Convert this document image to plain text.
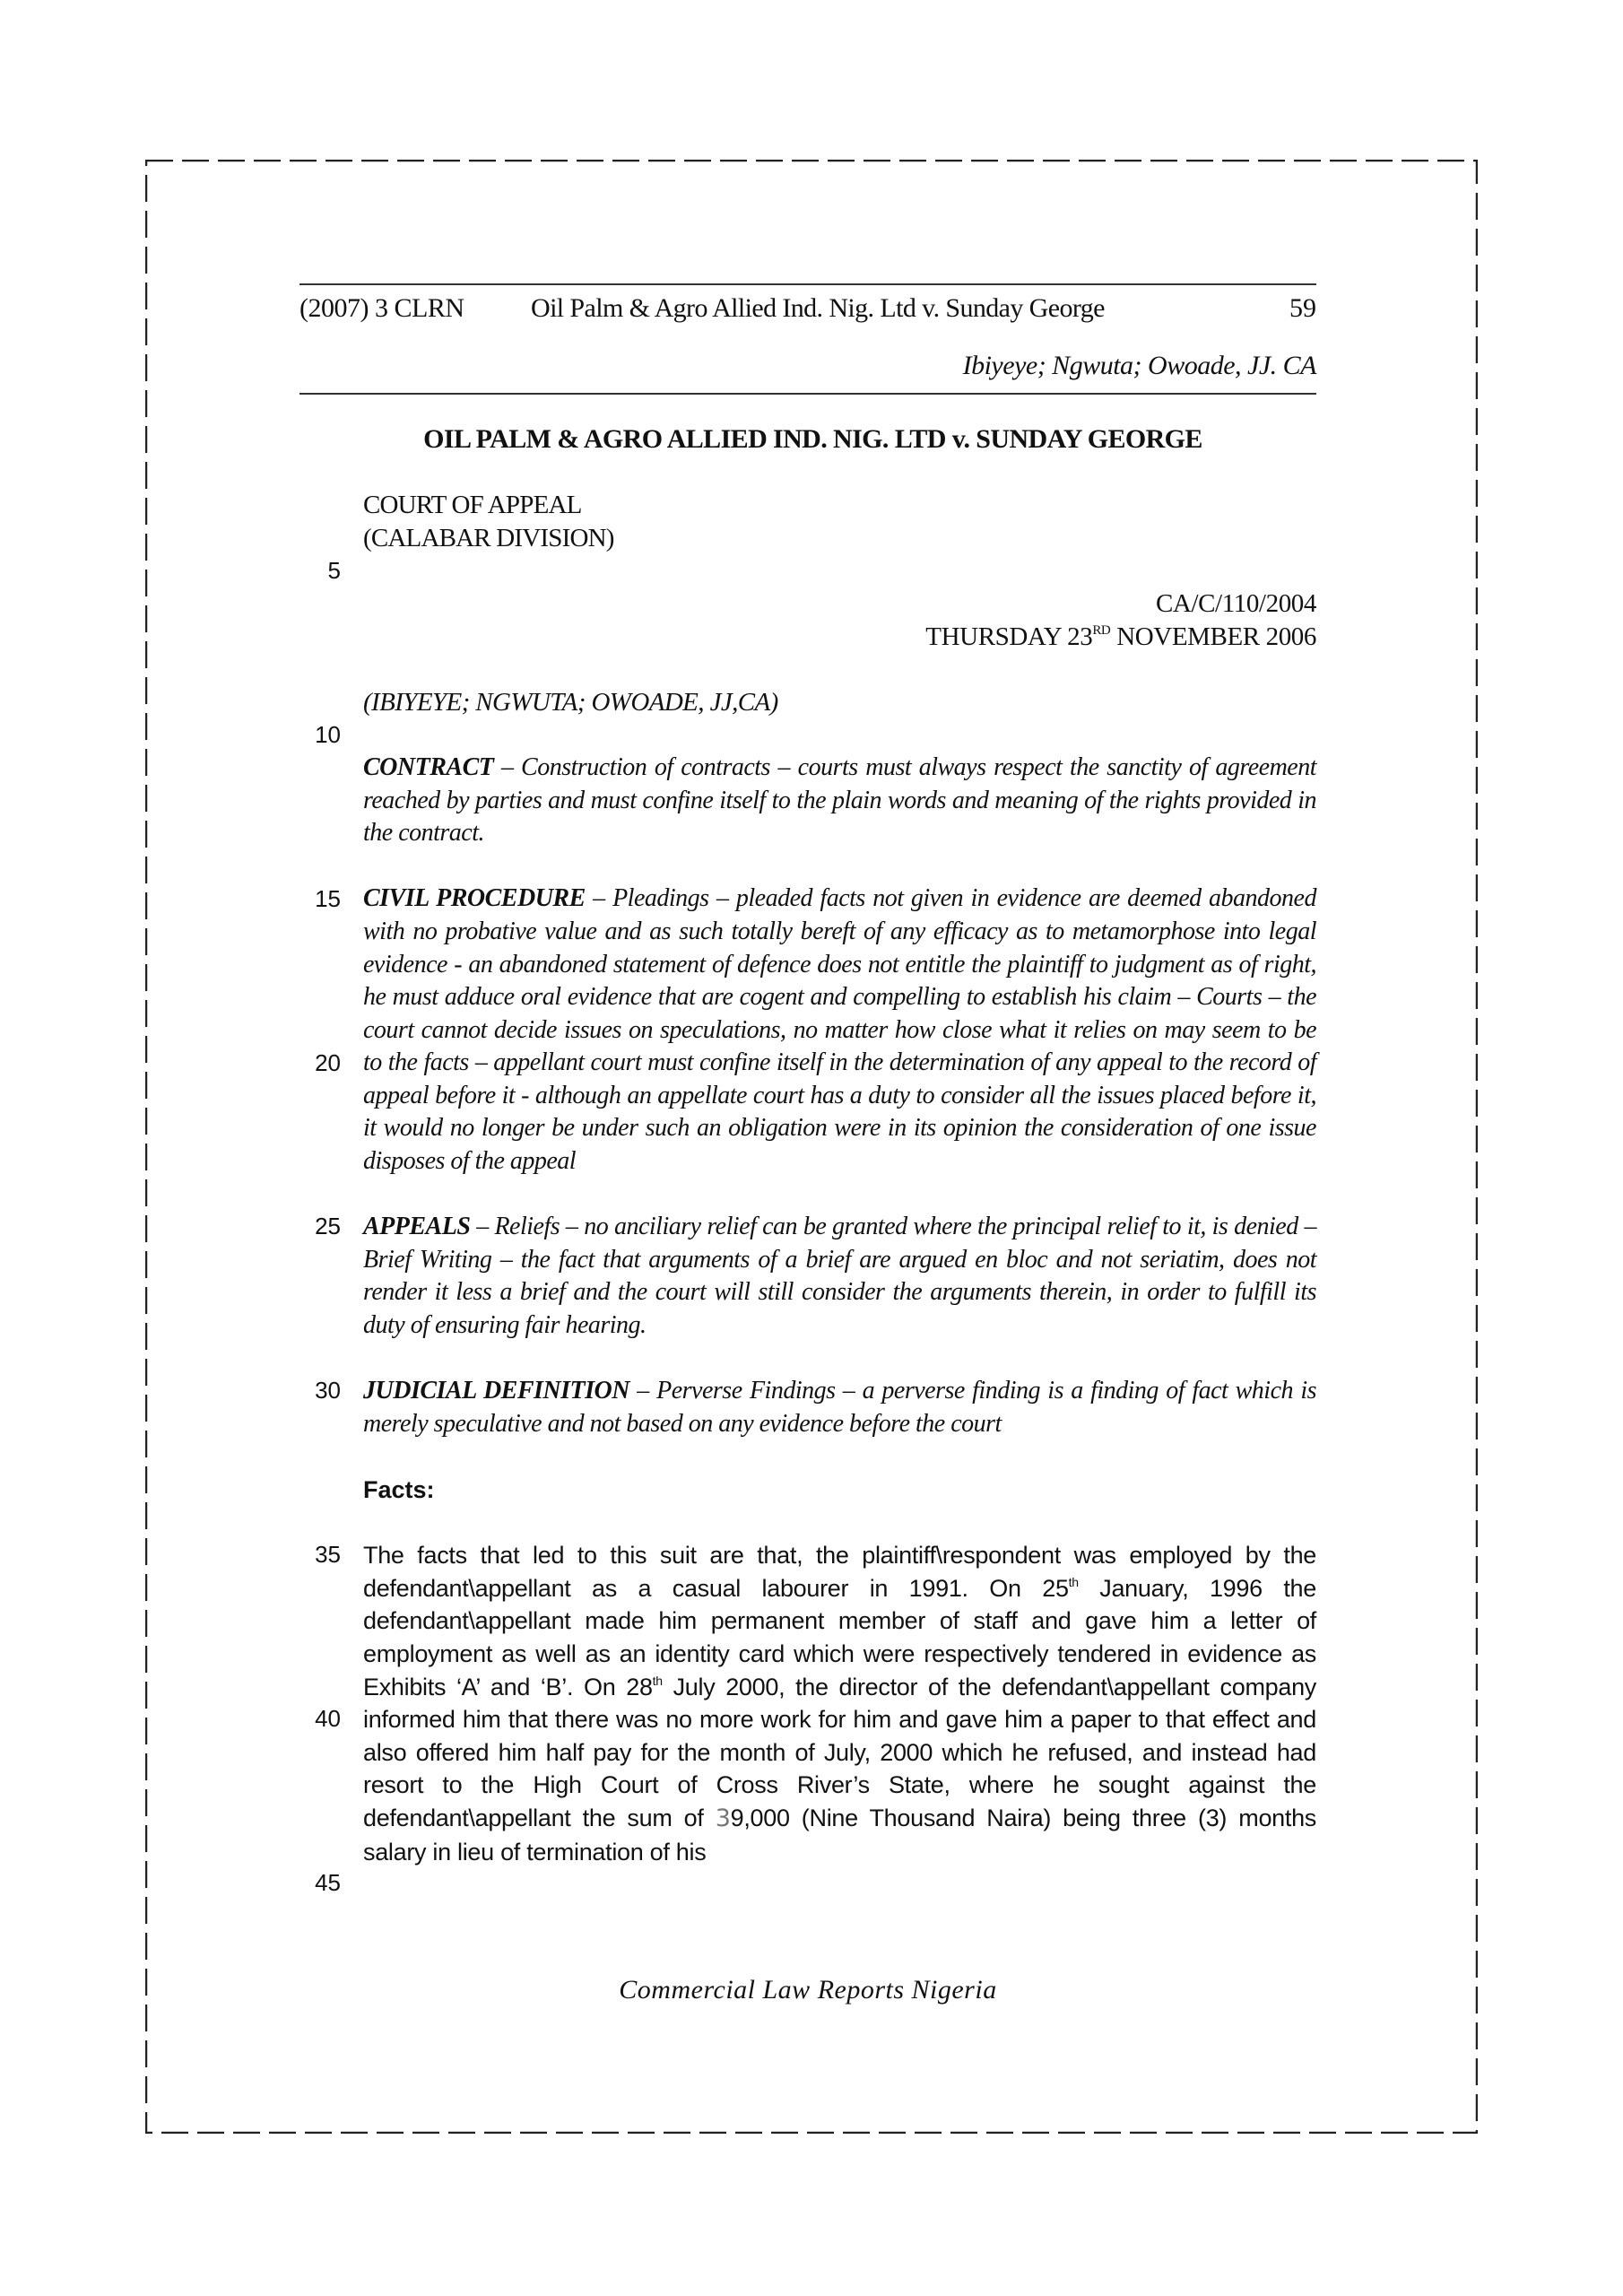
(2007) 3 CLRN Oil Palm & Agro Allied Ind. Nig. Ltd v. Sunday George	59
Ibiyeye; Ngwuta; Owoade, JJ. CA
5
10
15
20
25
30
35
40
45
OIL PALM & AGRO ALLIED IND. NIG. LTD v. SUNDAY GEORGE
COURT OF APPEAL
(CALABAR DIVISION)
CA/C/110/2004
THURSDAY 23RD NOVEMBER 2006
(IBIYEYE; NGWUTA; OWOADE, JJ,CA)
CONTRACT – Construction of contracts – courts must always respect the sanctity of agreement reached by parties and must confine itself to the plain words and meaning of the rights provided in the contract.
CIVIL PROCEDURE – Pleadings – pleaded facts not given in evidence are deemed abandoned with no probative value and as such totally bereft of any efficacy as to metamorphose into legal evidence - an abandoned statement of defence does not entitle the plaintiff to judgment as of right, he must adduce oral evidence that are cogent and compelling to establish his claim – Courts – the court cannot decide issues on speculations, no matter how close what it relies on may seem to be to the facts – appellant court must confine itself in the determination of any appeal to the record of appeal before it - although an appellate court has a duty to consider all the issues placed before it, it would no longer be under such an obligation were in its opinion the consideration of one issue disposes of the appeal
APPEALS – Reliefs – no anciliary relief can be granted where the principal relief to it, is denied – Brief Writing – the fact that arguments of a brief are argued en bloc and not seriatim, does not render it less a brief and the court will still consider the arguments therein, in order to fulfill its duty of ensuring fair hearing.
JUDICIAL DEFINITION – Perverse Findings – a perverse finding is a finding of fact which is merely speculative and not based on any evidence before the court
Facts:
The facts that led to this suit are that, the plaintiff\respondent was employed by the defendant\appellant as a casual labourer in 1991. On 25th January, 1996 the defendant\appellant made him permanent member of staff and gave him a letter of employment as well as an identity card which were respectively tendered in evidence as Exhibits ‘A’ and ‘B’. On 28th July 2000, the director of the defendant\appellant company informed him that there was no more work for him and gave him a paper to that effect and also offered him half pay for the month of July, 2000 which he refused, and instead had resort to the High Court of Cross River’s State, where he sought against the defendant\appellant the sum of 39,000 (Nine Thousand Naira) being three (3) months salary in lieu of termination of his
Commercial Law Reports Nigeria
